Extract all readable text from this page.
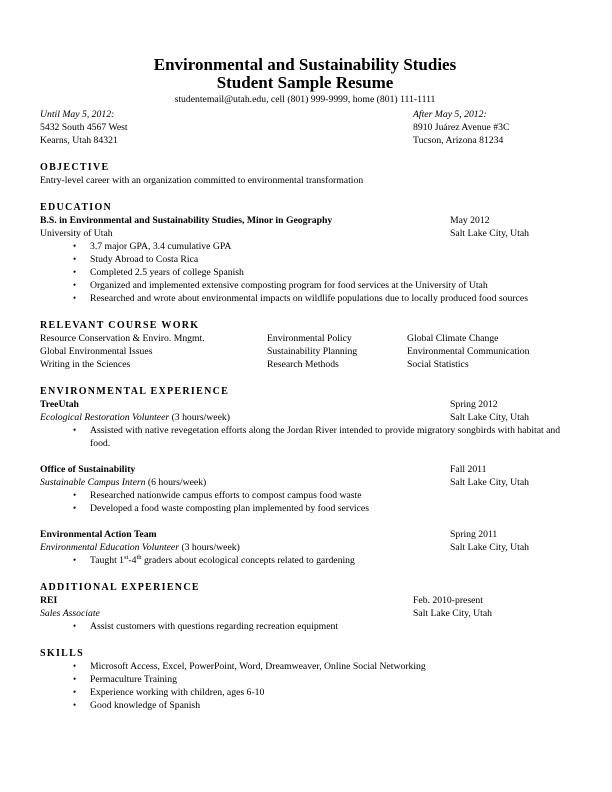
Environmental and Sustainability Studies
Student Sample Resume
studentemail@utah.edu, cell (801) 999-9999, home (801) 111-1111
Until May 5, 2012:
5432 South 4567 West
Kearns, Utah 84321
After May 5, 2012:
8910 Juárez Avenue #3C
Tucson, Arizona 81234
OBJECTIVE
Entry-level career with an organization committed to environmental transformation
EDUCATION
B.S. in Environmental and Sustainability Studies, Minor in Geography	May 2012
University of Utah	Salt Lake City, Utah
• 3.7 major GPA, 3.4 cumulative GPA
• Study Abroad to Costa Rica
• Completed 2.5 years of college Spanish
• Organized and implemented extensive composting program for food services at the University of Utah
• Researched and wrote about environmental impacts on wildlife populations due to locally produced food sources
RELEVANT COURSE WORK
Resource Conservation & Enviro. Mngmt.	Environmental Policy	Global Climate Change
Global Environmental Issues	Sustainability Planning	Environmental Communication
Writing in the Sciences	Research Methods	Social Statistics
ENVIRONMENTAL EXPERIENCE
TreeUtah	Spring 2012
Ecological Restoration Volunteer (3 hours/week)	Salt Lake City, Utah
• Assisted with native revegetation efforts along the Jordan River intended to provide migratory songbirds with habitat and food.
Office of Sustainability	Fall 2011
Sustainable Campus Intern (6 hours/week)	Salt Lake City, Utah
• Researched nationwide campus efforts to compost campus food waste
• Developed a food waste composting plan implemented by food services
Environmental Action Team	Spring 2011
Environmental Education Volunteer (3 hours/week)	Salt Lake City, Utah
• Taught 1st-4th graders about ecological concepts related to gardening
ADDITIONAL EXPERIENCE
REI	Feb. 2010-present
Sales Associate	Salt Lake City, Utah
• Assist customers with questions regarding recreation equipment
SKILLS
• Microsoft Access, Excel, PowerPoint, Word, Dreamweaver, Online Social Networking
• Permaculture Training
• Experience working with children, ages 6-10
• Good knowledge of Spanish
